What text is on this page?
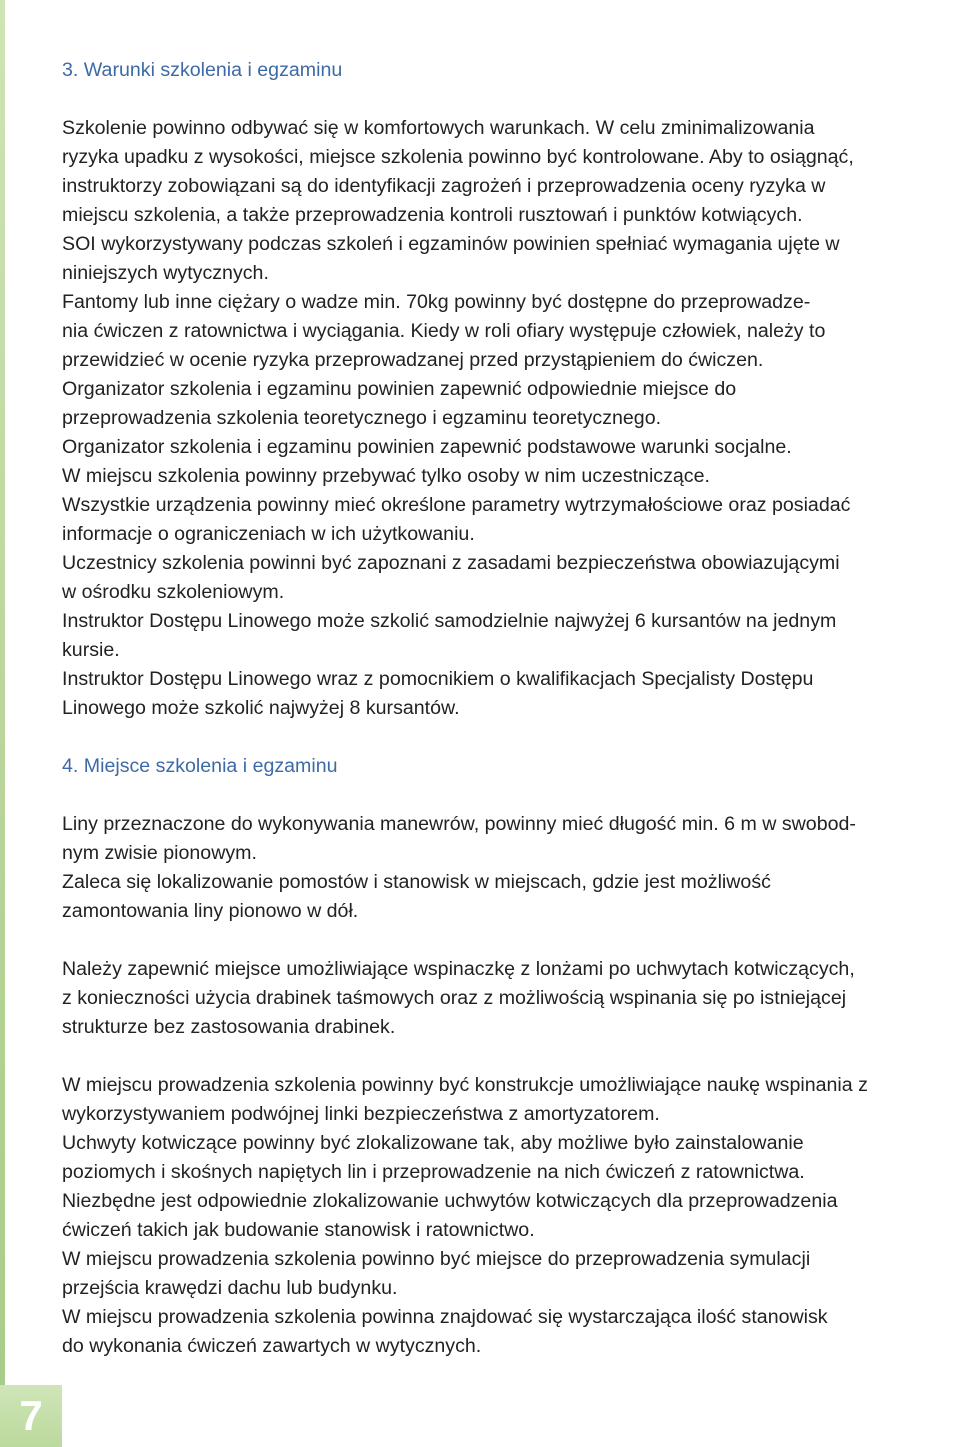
3. Warunki szkolenia i egzaminu

Szkolenie powinno odbywać się w komfortowych warunkach. W celu zminimalizowania

ryzyka upadku z wysokości, miejsce szkolenia powinno być kontrolowane. Aby to osiągnąć,

instruktorzy zobowiązani są do identyfikacji zagrożeń i przeprowadzenia oceny ryzyka w

miejscu szkolenia, a także przeprowadzenia kontroli rusztowań i punktów kotwiących.

SOI wykorzystywany podczas szkoleń i egzaminów powinien spełniać wymagania ujęte w

niniejszych wytycznych.

Fantomy lub inne ciężary o wadze min. 70kg powinny być dostępne do przeprowadze-

nia ćwiczen z ratownictwa i wyciągania. Kiedy w roli ofiary występuje człowiek, należy to

przewidzieć w ocenie ryzyka przeprowadzanej przed przystąpieniem do ćwiczen.

Organizator szkolenia i egzaminu powinien zapewnić odpowiednie miejsce do

przeprowadzenia szkolenia teoretycznego i egzaminu teoretycznego.

Organizator szkolenia i egzaminu powinien zapewnić podstawowe warunki socjalne.

W miejscu szkolenia powinny przebywać tylko osoby w nim uczestniczące.

Wszystkie urządzenia powinny mieć określone parametry wytrzymałościowe oraz posiadać

informacje o ograniczeniach w ich użytkowaniu.

Uczestnicy szkolenia powinni być zapoznani z zasadami bezpieczeństwa obowiazującymi

w ośrodku szkoleniowym.

Instruktor Dostępu Linowego może szkolić samodzielnie najwyżej 6 kursantów na jednym

kursie.

Instruktor Dostępu Linowego wraz z pomocnikiem o kwalifikacjach Specjalisty Dostępu

Linowego może szkolić najwyżej 8 kursantów.

4. Miejsce szkolenia i egzaminu

Liny przeznaczone do wykonywania manewrów, powinny mieć długość min. 6 m w swobod-

nym zwisie pionowym.

Zaleca się lokalizowanie pomostów i stanowisk w miejscach, gdzie jest możliwość

zamontowania liny pionowo w dół.

Należy zapewnić miejsce umożliwiające wspinaczkę z lonżami po uchwytach kotwiczących,

z konieczności użycia drabinek taśmowych oraz z możliwością wspinania się po istniejącej

strukturze bez zastosowania drabinek.

W miejscu prowadzenia szkolenia powinny być konstrukcje umożliwiające naukę wspinania z

wykorzystywaniem podwójnej linki bezpieczeństwa z amortyzatorem.

Uchwyty kotwiczące powinny być zlokalizowane tak, aby możliwe było zainstalowanie

poziomych i skośnych napiętych lin i przeprowadzenie na nich ćwiczeń z ratownictwa.

Niezbędne jest odpowiednie zlokalizowanie uchwytów kotwiczących dla przeprowadzenia

ćwiczeń takich jak budowanie stanowisk i ratownictwo.

W miejscu prowadzenia szkolenia powinno być miejsce do przeprowadzenia symulacji

przejścia krawędzi dachu lub budynku.

W miejscu prowadzenia szkolenia powinna znajdować się wystarczająca ilość stanowisk

do wykonania ćwiczeń zawartych w wytycznych.

7
